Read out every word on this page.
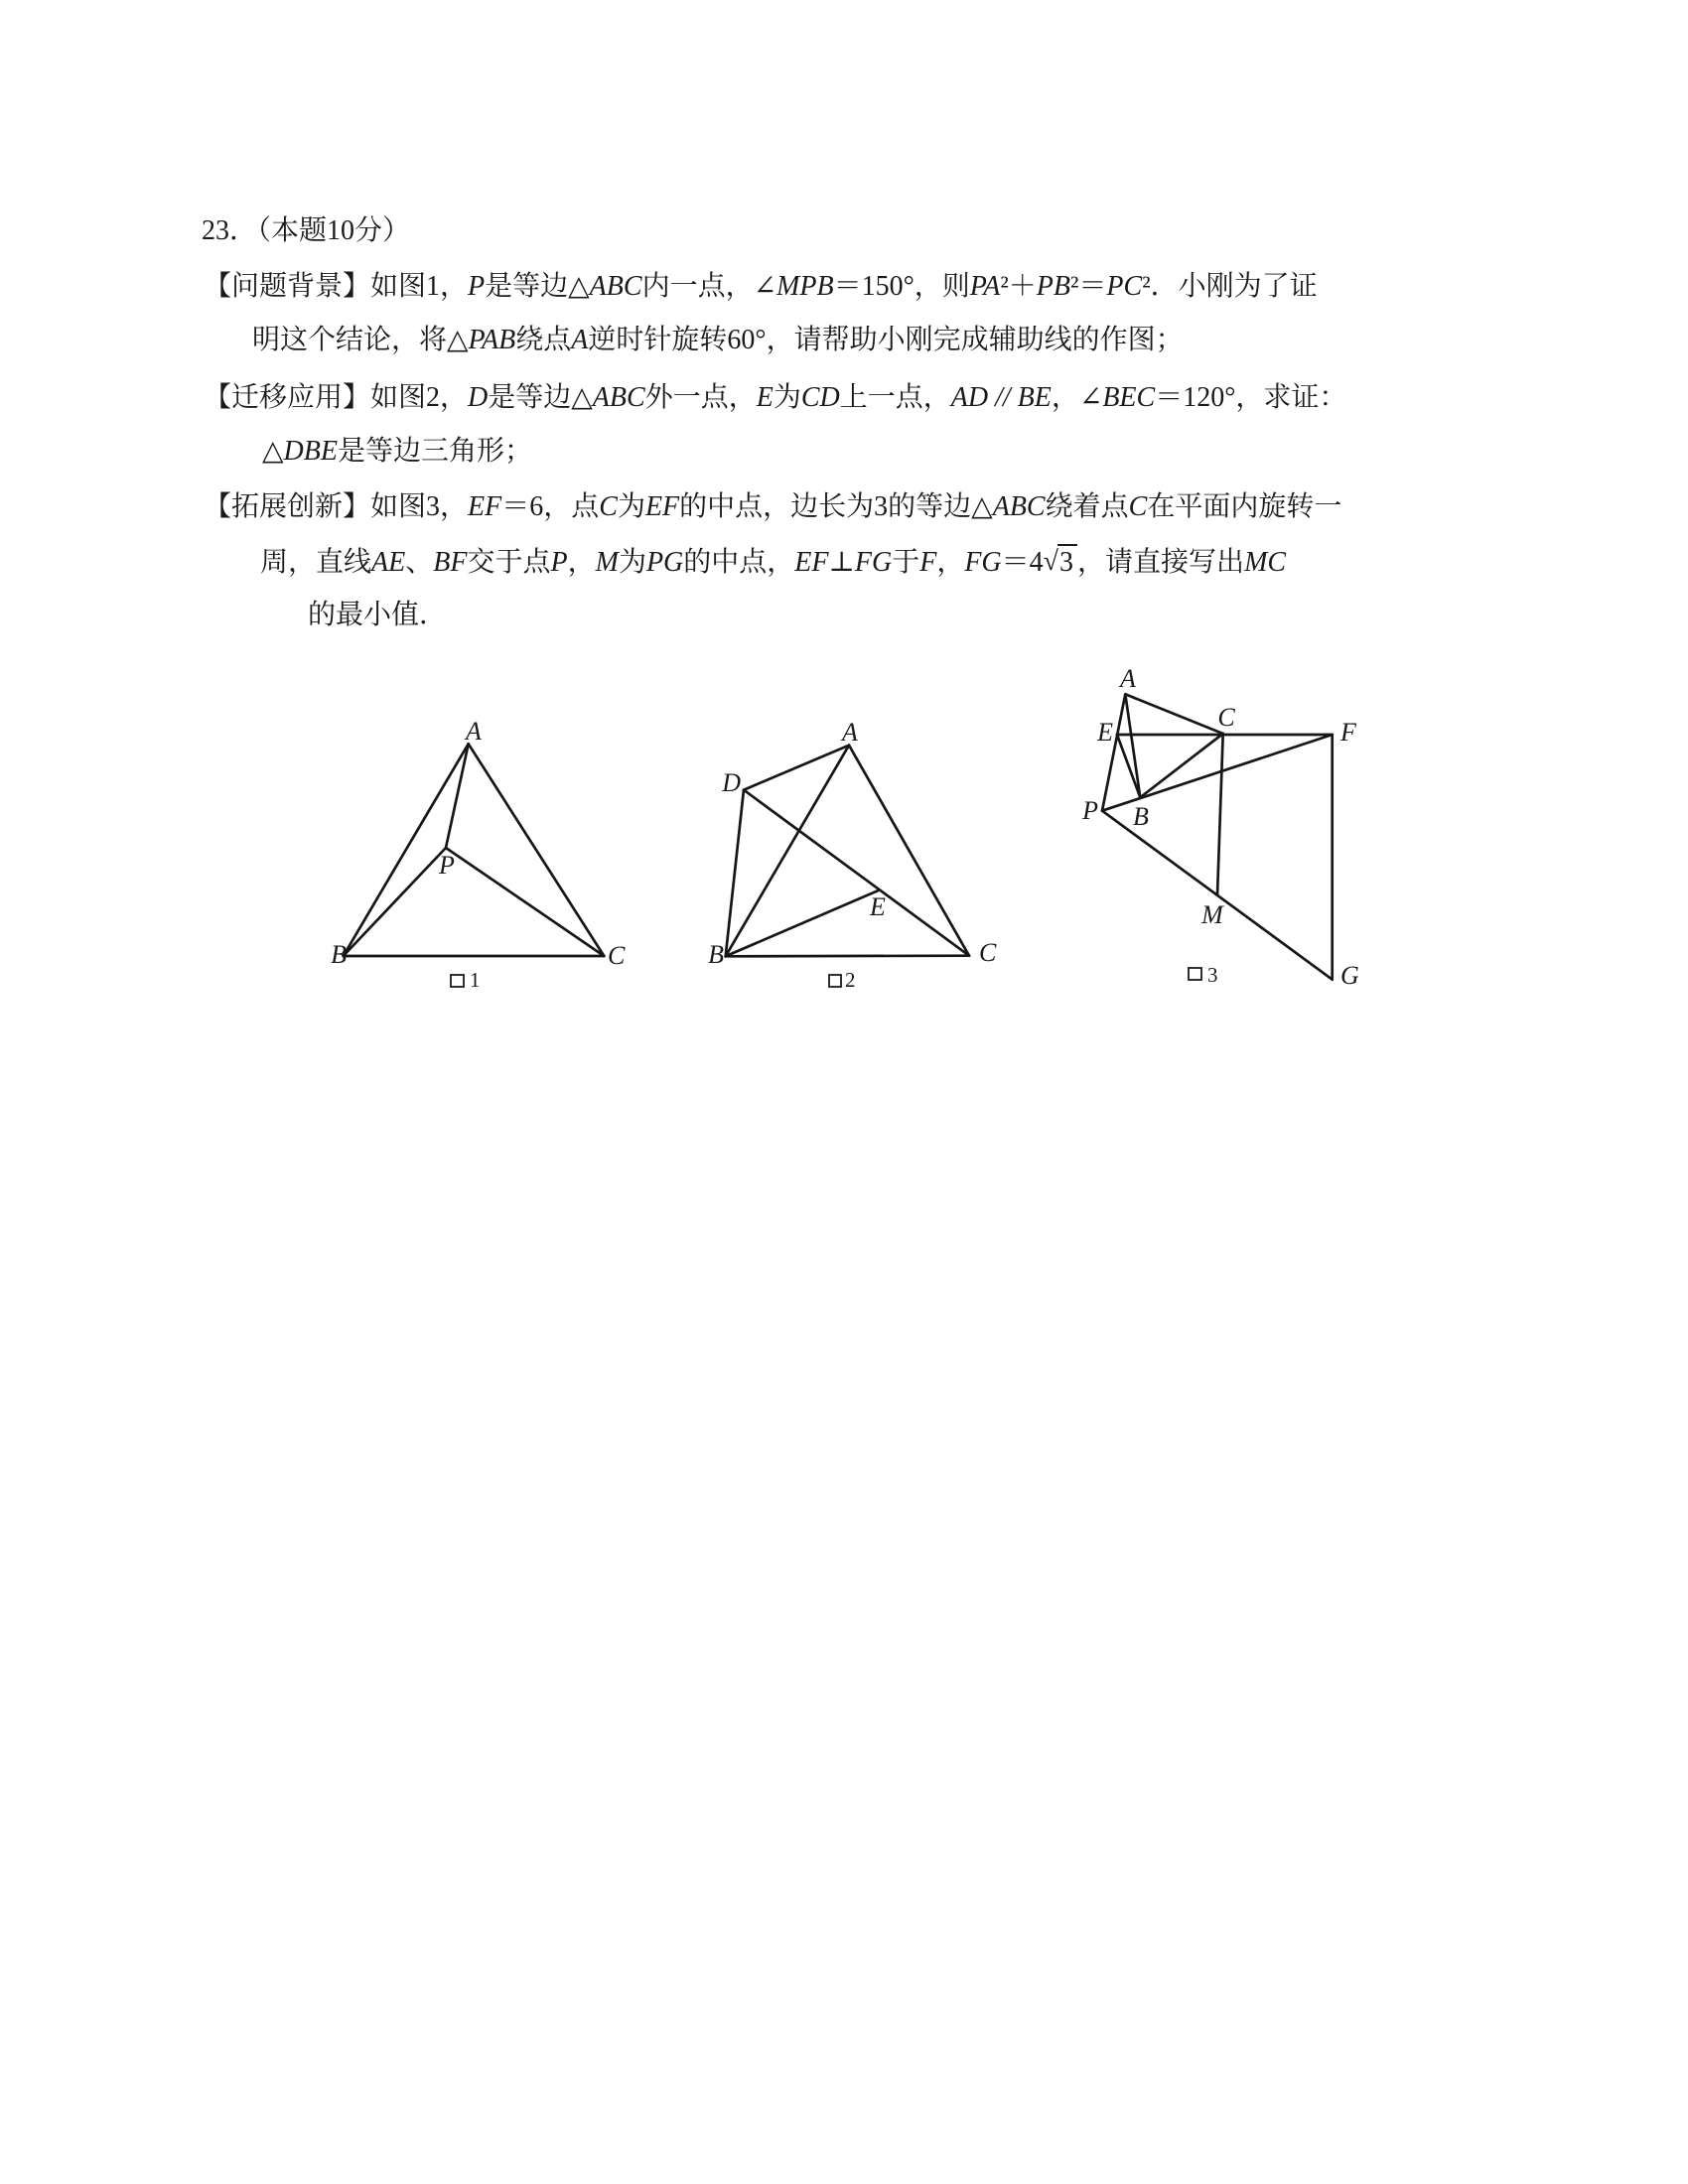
23．（本题10分）
【问题背景】如图1，P是等边△ABC内一点，∠MPB＝150°，则PA²＋PB²＝PC²．小刚为了证
明这个结论，将△PAB绕点A逆时针旋转60°，请帮助小刚完成辅助线的作图；
【迁移应用】如图2，D是等边△ABC外一点，E为CD上一点，AD // BE，∠BEC＝120°，求证：
△DBE是等边三角形；
【拓展创新】如图3，EF＝6，点C为EF的中点，边长为3的等边△ABC绕着点C在平面内旋转一
周，直线AE、BF交于点P，M为PG的中点，EF⊥FG于F，FG＝4√3 ，请直接写出MC
的最小值．
A
B	C
P
1
A
D
B	C
E
2
A
E
C
F
P B
M
G
3
